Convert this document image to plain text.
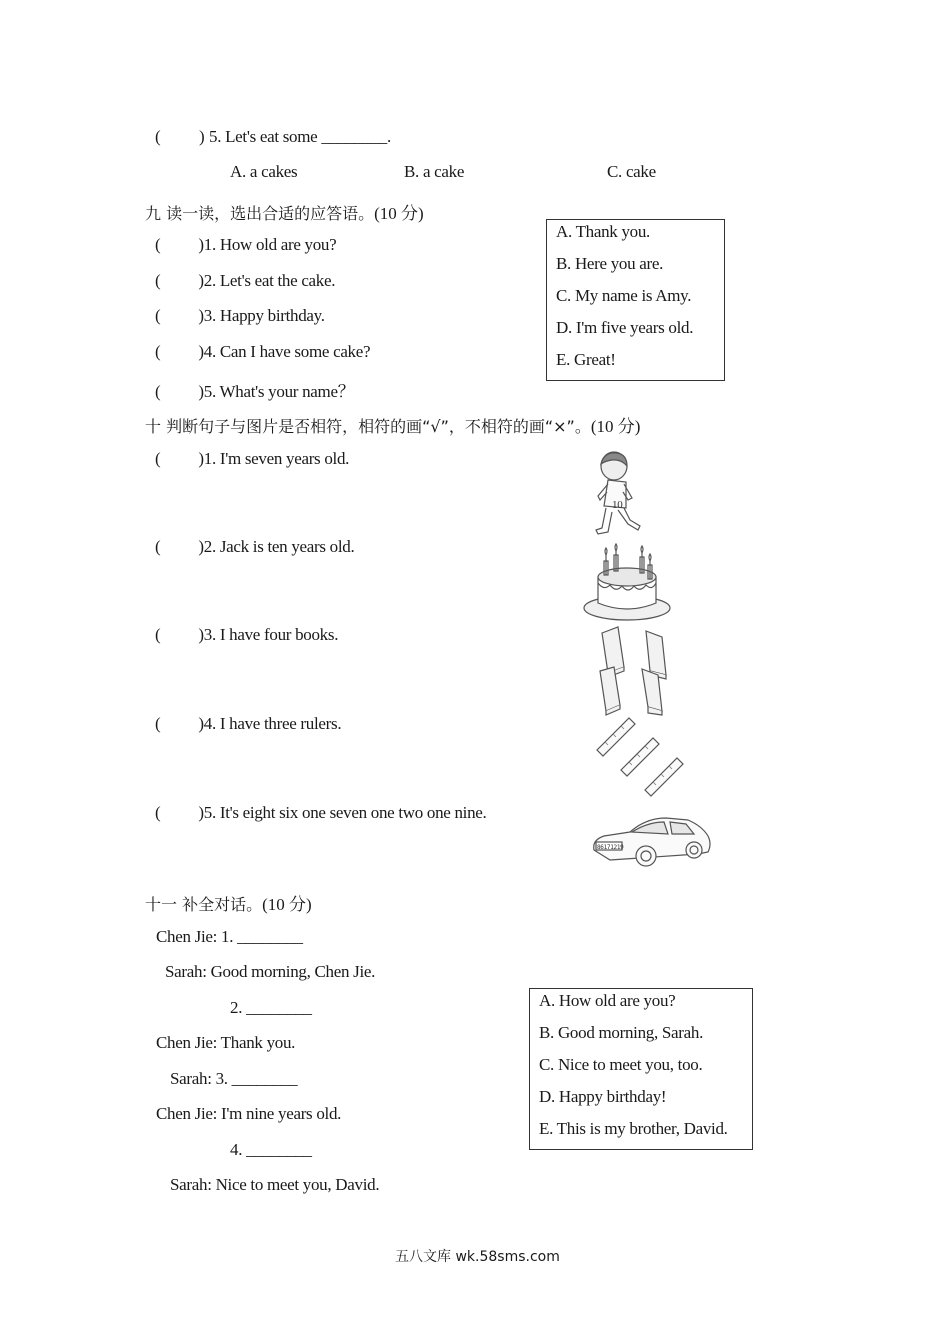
( ) 5. Let's eat some ________.
A. a cakes	B. a cake	C. cake
九 读一读，选出合适的应答语。(10 分)
( )1. How old are you?
( )2. Let's eat the cake.
( )3. Happy birthday.
( )4. Can I have some cake?
( )5. What's your name？
A. Thank you.
B. Here you are.
C. My name is Amy.
D. I'm five years old.
E. Great!
十 判断句子与图片是否相符，相符的画“√”，不相符的画“×”。(10 分)
( )1. I'm seven years old.
( )2. Jack is ten years old.
( )3. I have four books.
( )4. I have three rulers.
( )5. It's eight six one seven one two one nine.
10
86171219
十一 补全对话。(10 分)
Chen Jie: 1. ________
Sarah: Good morning, Chen Jie.
2. ________
Chen Jie: Thank you.
Sarah: 3. ________
Chen Jie: I'm nine years old.
4. ________
Sarah: Nice to meet you, David.
A. How old are you?
B. Good morning, Sarah.
C. Nice to meet you, too.
D. Happy birthday!
E. This is my brother, David.
五八文库 wk.58sms.com
